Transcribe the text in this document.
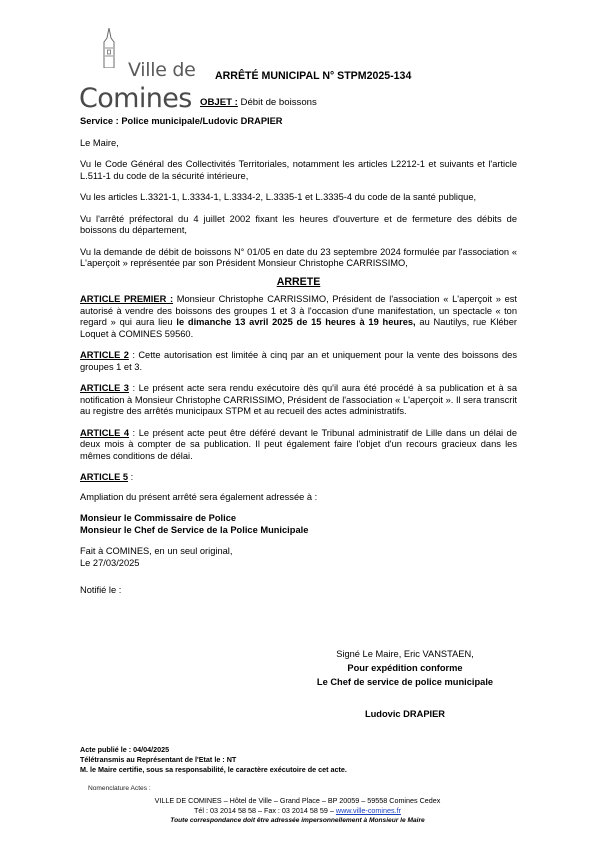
Ville de
Comines
ARRÊTÉ MUNICIPAL N° STPM2025-134
OBJET : Débit de boissons

Service : Police municipale/Ludovic DRAPIER

Le Maire,

Vu le Code Général des Collectivités Territoriales, notamment les articles L2212-1 et suivants et l'article L.511-1 du code de la sécurité intérieure,

Vu les articles L.3321-1, L.3334-1, L.3334-2, L.3335-1 et L.3335-4 du code de la santé publique,

Vu l'arrêté préfectoral du 4 juillet 2002 fixant les heures d'ouverture et de fermeture des débits de boissons du département,

Vu la demande de débit de boissons N° 01/05 en date du 23 septembre 2024 formulée par l'association « L'aperçoit » représentée par son Président Monsieur Christophe CARRISSIMO,

ARRETE

ARTICLE PREMIER : Monsieur Christophe CARRISSIMO, Président de l'association « L'aperçoit » est autorisé à vendre des boissons des groupes 1 et 3 à l'occasion d'une manifestation, un spectacle « ton regard » qui aura lieu le dimanche 13 avril 2025 de 15 heures à 19 heures, au Nautilys, rue Kléber Loquet à COMINES 59560.

ARTICLE 2 : Cette autorisation est limitée à cinq par an et uniquement pour la vente des boissons des groupes 1 et 3.

ARTICLE 3 : Le présent acte sera rendu exécutoire dès qu'il aura été procédé à sa publication et à sa notification à Monsieur Christophe CARRISSIMO, Président de l'association « L'aperçoit ». Il sera transcrit au registre des arrêtés municipaux STPM et au recueil des actes administratifs.

ARTICLE 4 : Le présent acte peut être déféré devant le Tribunal administratif de Lille dans un délai de deux mois à compter de sa publication. Il peut également faire l'objet d'un recours gracieux dans les mêmes conditions de délai.

ARTICLE 5 :

Ampliation du présent arrêté sera également adressée à :

Monsieur le Commissaire de Police

Monsieur le Chef de Service de la Police Municipale

Fait à COMINES, en un seul original,

Le 27/03/2025

Notifié le :

Signé Le Maire, Eric VANSTAEN,
Pour expédition conforme
Le Chef de service de police municipale
Ludovic DRAPIER
Acte publié le : 04/04/2025
Télétransmis au Représentant de l'Etat le : NT
M. le Maire certifie, sous sa responsabilité, le caractère exécutoire de cet acte.
Nomenclature Actes :
VILLE DE COMINES – Hôtel de Ville – Grand Place – BP 20059 – 59558 Comines Cedex
Tél : 03 2014 58 58 – Fax : 03 2014 58 59 – www.ville-comines.fr
Toute correspondance doit être adressée impersonnellement à Monsieur le Maire
